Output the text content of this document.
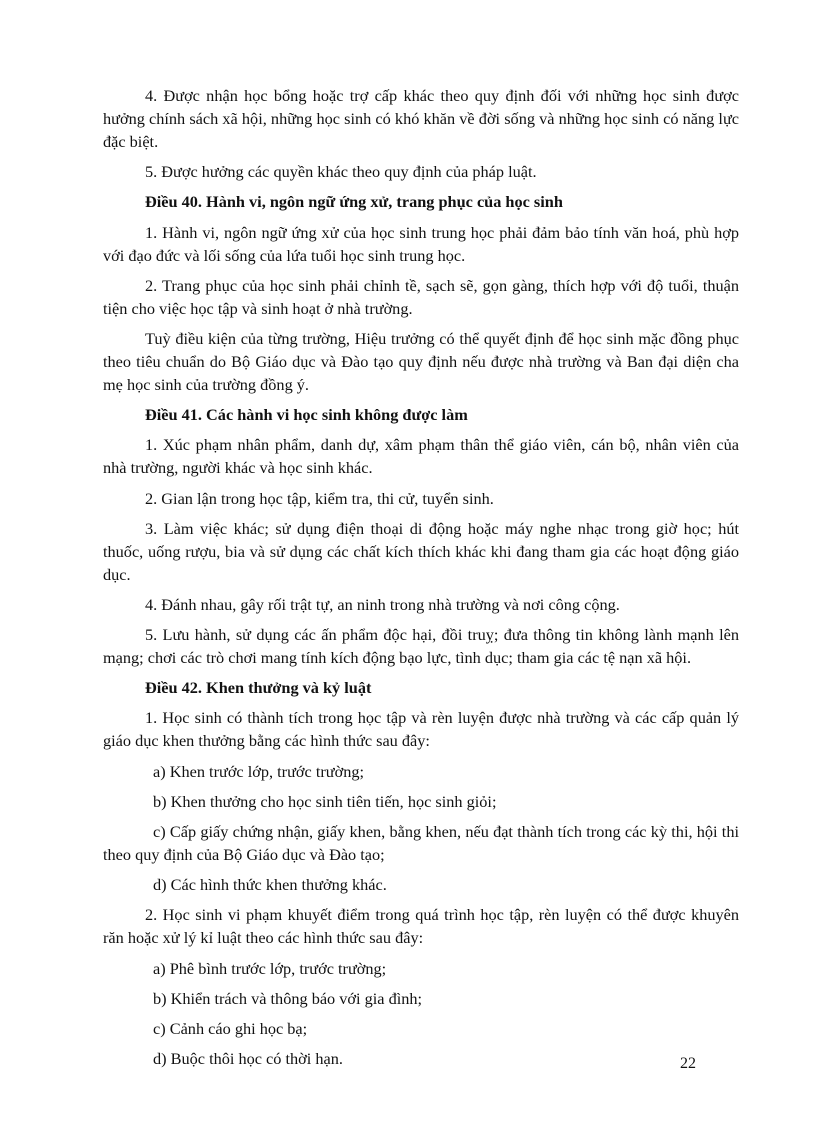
4. Được nhận học bổng hoặc trợ cấp khác theo quy định đối với những học sinh được hưởng chính sách xã hội, những học sinh có khó khăn về đời sống và những học sinh có năng lực đặc biệt.

5. Được hưởng các quyền khác theo quy định của pháp luật.

Điều 40. Hành vi, ngôn ngữ ứng xử, trang phục của học sinh

1. Hành vi, ngôn ngữ ứng xử của học sinh trung học phải đảm bảo tính văn hoá, phù hợp với đạo đức và lối sống của lứa tuổi học sinh trung học.

2. Trang phục của học sinh phải chỉnh tề, sạch sẽ, gọn gàng, thích hợp với độ tuổi, thuận tiện cho việc học tập và sinh hoạt ở nhà trường.

Tuỳ điều kiện của từng trường, Hiệu trưởng có thể quyết định để học sinh mặc đồng phục theo tiêu chuẩn do Bộ Giáo dục và Đào tạo quy định nếu được nhà trường và Ban đại diện cha mẹ học sinh của trường đồng ý.

Điều 41. Các hành vi học sinh không được làm

1. Xúc phạm nhân phẩm, danh dự, xâm phạm thân thể giáo viên, cán bộ, nhân viên của nhà trường, người khác và học sinh khác.

2. Gian lận trong học tập, kiểm tra, thi cử, tuyển sinh.

3. Làm việc khác; sử dụng điện thoại di động hoặc máy nghe nhạc trong giờ học; hút thuốc, uống rượu, bia và sử dụng các chất kích thích khác khi đang tham gia các hoạt động giáo dục.

4. Đánh nhau, gây rối trật tự, an ninh trong nhà trường và nơi công cộng.

5. Lưu hành, sử dụng các ấn phẩm độc hại, đồi truỵ; đưa thông tin không lành mạnh lên mạng; chơi các trò chơi mang tính kích động bạo lực, tình dục; tham gia các tệ nạn xã hội.

Điều 42. Khen thưởng và kỷ luật

1. Học sinh có thành tích trong học tập và rèn luyện được nhà trường và các cấp quản lý giáo dục khen thưởng bằng các hình thức sau đây:

a) Khen trước lớp, trước trường;

b) Khen thưởng cho học sinh tiên tiến, học sinh giỏi;

c) Cấp giấy chứng nhận, giấy khen, bằng khen, nếu đạt thành tích trong các kỳ thi, hội thi theo quy định của Bộ Giáo dục và Đào tạo;

d) Các hình thức khen thưởng khác.

2. Học sinh vi phạm khuyết điểm trong quá trình học tập, rèn luyện có thể được khuyên răn hoặc xử lý kỉ luật theo các hình thức sau đây:

a) Phê bình trước lớp, trước trường;

b) Khiển trách và thông báo với gia đình;

c) Cảnh cáo ghi học bạ;

d) Buộc thôi học có thời hạn.	22
